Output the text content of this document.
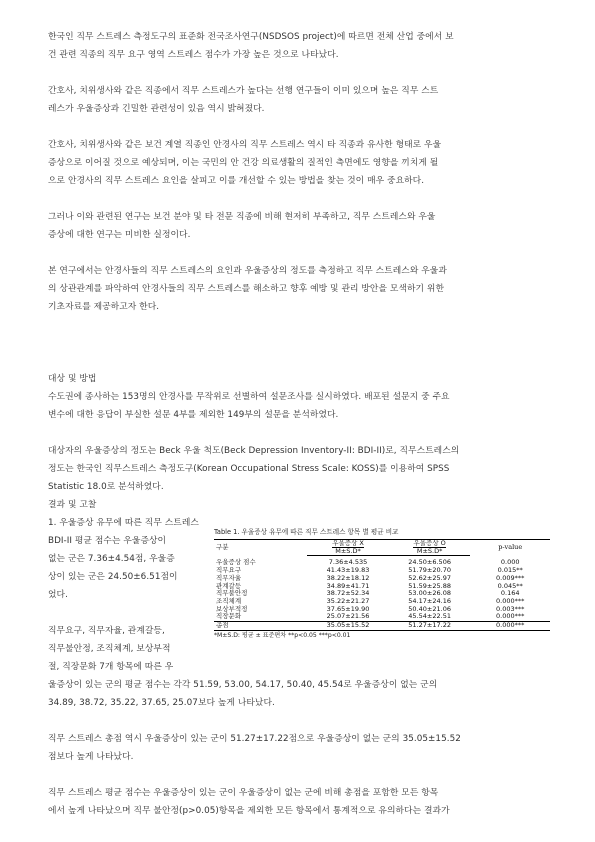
한국인 직무 스트레스 측정도구의 표준화 전국조사연구(NSDSOS project)에 따르면 전체 산업 중에서 보
건 관련 직종의 직무 요구 영역 스트레스 점수가 가장 높은 것으로 나타났다.

간호사, 치위생사와 같은 직종에서 직무 스트레스가 높다는 선행 연구들이 이미 있으며 높은 직무 스트
레스가 우울증상과 긴밀한 관련성이 있음 역시 밝혀졌다.

간호사, 치위생사와 같은 보건 계열 직종인 안경사의 직무 스트레스 역시 타 직종과 유사한 형태로 우울
증상으로 이어질 것으로 예상되며, 이는 국민의 안 건강 의료생활의 질적인 측면에도 영향을 끼치게 될
으로 안경사의 직무 스트레스 요인을 살피고 이를 개선할 수 있는 방법을 찾는 것이 매우 중요하다.

그러나 이와 관련된 연구는 보건 분야 및 타 전문 직종에 비해 현저히 부족하고, 직무 스트레스와 우울
증상에 대한 연구는 미비한 실정이다.

본 연구에서는 안경사들의 직무 스트레스의 요인과 우울증상의 정도를 측정하고 직무 스트레스와 우울과
의 상관관계를 파악하여 안경사들의 직무 스트레스를 해소하고 향후 예방 및 관리 방안을 모색하기 위한
기초자료를 제공하고자 한다.

대상 및 방법

수도권에 종사하는 153명의 안경사를 무작위로 선별하여 설문조사를 실시하였다. 배포된 설문지 중 주요
변수에 대한 응답이 부실한 설문 4부를 제외한 149부의 설문을 분석하였다.

대상자의 우울증상의 정도는 Beck 우울 척도(Beck Depression Inventory-II: BDI-II)로, 직무스트레스의
정도는 한국인 직무스트레스 측정도구(Korean Occupational Stress Scale: KOSS)를 이용하여 SPSS
Statistic 18.0로 분석하였다.

결과 및 고찰

1. 우울증상 유무에 따른 직무 스트레스

BDI-II 평균 점수는 우울증상이
없는 군은 7.36±4.54점, 우울증
상이 있는 군은 24.50±6.51점이
었다.

직무요구, 직무자율, 관계갈등,
직무불안정, 조직체계, 보상부적
절, 직장문화 7개 항목에 따른 우

울증상이 있는 군의 평균 점수는 각각 51.59, 53.00, 54.17, 50.40, 45.54로 우울증상이 없는 군의
34.89, 38.72, 35.22, 37.65, 25.07보다 높게 나타났다.

직무 스트레스 총점 역시 우울증상이 있는 군이 51.27±17.22점으로 우울증상이 없는 군의 35.05±15.52
점보다 높게 나타났다.

직무 스트레스 평균 점수는 우울증상이 있는 군이 우울증상이 없는 군에 비해 총점을 포함한 모든 항목
에서 높게 나타났으며 직무 불안정(p>0.05)항목을 제외한 모든 항목에서 통계적으로 유의하다는 결과가

Table 1. 우울증상 유무에 따른 직무 스트레스 항목 별 평균 비교

구분	우울증상 X	우울증상 O	p-value
	M±S.D*	M±S.D*	

우울증상 점수	7.36±4.535	24.50±6.506	0.000
직무요구	41.43±19.83	51.79±20.70	0.015**
직무자율	38.22±18.12	52.62±25.97	0.009***
관계갈등	34.89±41.71	51.59±25.88	0.045**
직무불안정	38.72±52.34	53.00±26.08	0.164
조직체계	35.22±21.27	54.17±24.16	0.000***
보상부적정	37.65±19.90	50.40±21.06	0.003***
직장문화	25.07±21.56	45.54±22.51	0.000***
총점	35.05±15.52	51.27±17.22	0.000***

*M±S.D: 평균 ± 표준편차 **p<0.05 ***p<0.01
